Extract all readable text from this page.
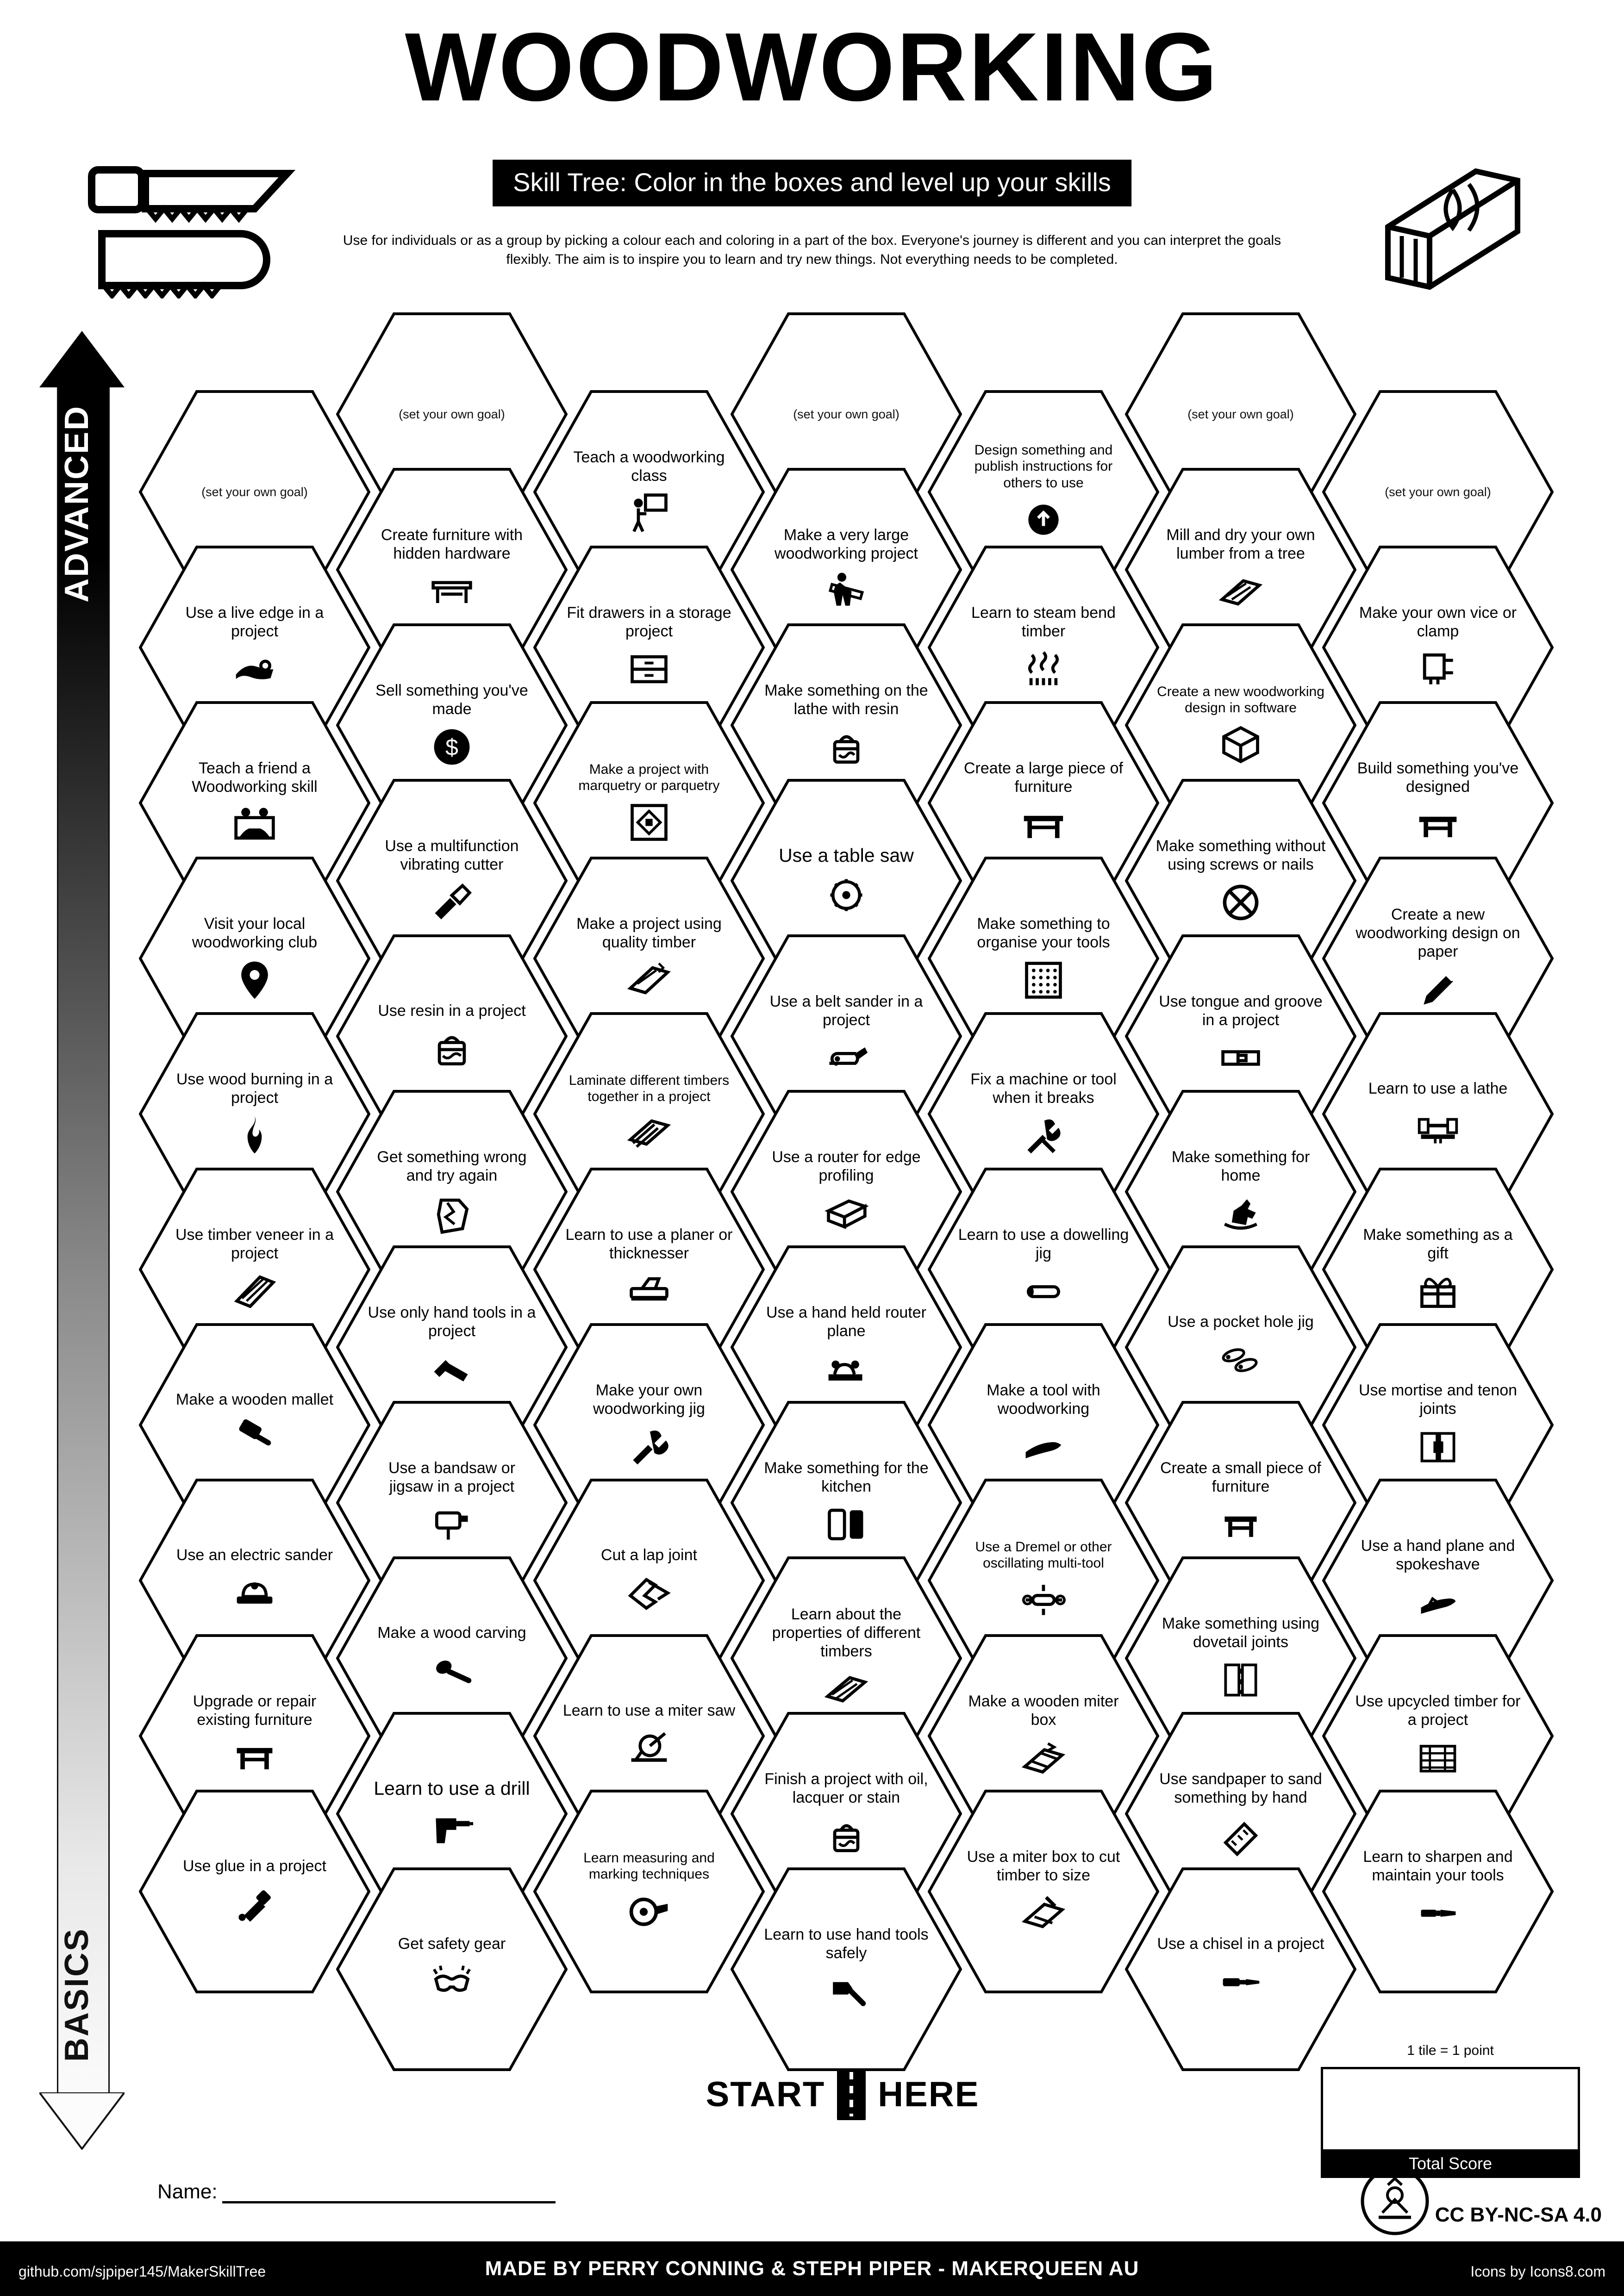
WOODWORKING
Skill Tree: Color in the boxes and level up your skills
Use for individuals or as a group by picking a colour each and coloring in a part of the box. Everyone's journey is different and you can interpret the goals flexibly. The aim is to inspire you to learn and try new things. Not everything needs to be completed.
ADVANCED
BASICS
(set your own goal)
Use a live edge in a project
Teach a friend a Woodworking skill
Visit your local woodworking club
Use wood burning in a project
Use timber veneer in a project
Make a wooden mallet
Use an electric sander
Upgrade or repair existing furniture
Use glue in a project
(set your own goal)
Create furniture with hidden hardware
Sell something you've made
$
Use a multifunction vibrating cutter
Use resin in a project
Get something wrong and try again
Use only hand tools in a project
Use a bandsaw or jigsaw in a project
Make a wood carving
Learn to use a drill
Get safety gear
Teach a woodworking class
Fit drawers in a storage project
Make a project with marquetry or parquetry
Make a project using quality timber
Laminate different timbers together in a project
Learn to use a planer or thicknesser
Make your own woodworking jig
Cut a lap joint
Learn to use a miter saw
Learn measuring and marking techniques
(set your own goal)
Make a very large woodworking project
Make something on the lathe with resin
Use a table saw
Use a belt sander in a project
Use a router for edge profiling
Use a hand held router plane
Make something for the kitchen
Learn about the properties of different timbers
Finish a project with oil, lacquer or stain
Learn to use hand tools safely
Design something and publish instructions for others to use
Learn to steam bend timber
Create a large piece of furniture
Make something to organise your tools
Fix a machine or tool when it breaks
Learn to use a dowelling jig
Make a tool with woodworking
Use a Dremel or other oscillating multi-tool
Make a wooden miter box
Use a miter box to cut timber to size
(set your own goal)
Mill and dry your own lumber from a tree
Create a new woodworking design in software
Make something without using screws or nails
Use tongue and groove in a project
Make something for home
Use a pocket hole jig
Create a small piece of furniture
Make something using dovetail joints
Use sandpaper to sand something by hand
Use a chisel in a project
(set your own goal)
Make your own vice or clamp
Build something you've designed
Create a new woodworking design on paper
Learn to use a lathe
Make something as a gift
Use mortise and tenon joints
Use a hand plane and spokeshave
Use upcycled timber for a project
Learn to sharpen and maintain your tools
START HERE
1 tile = 1 point
Total Score
Name:
CC BY-NC-SA 4.0
MADE BY PERRY CONNING & STEPH PIPER - MAKERQUEEN AU
github.com/sjpiper145/MakerSkillTree	Icons by Icons8.com
